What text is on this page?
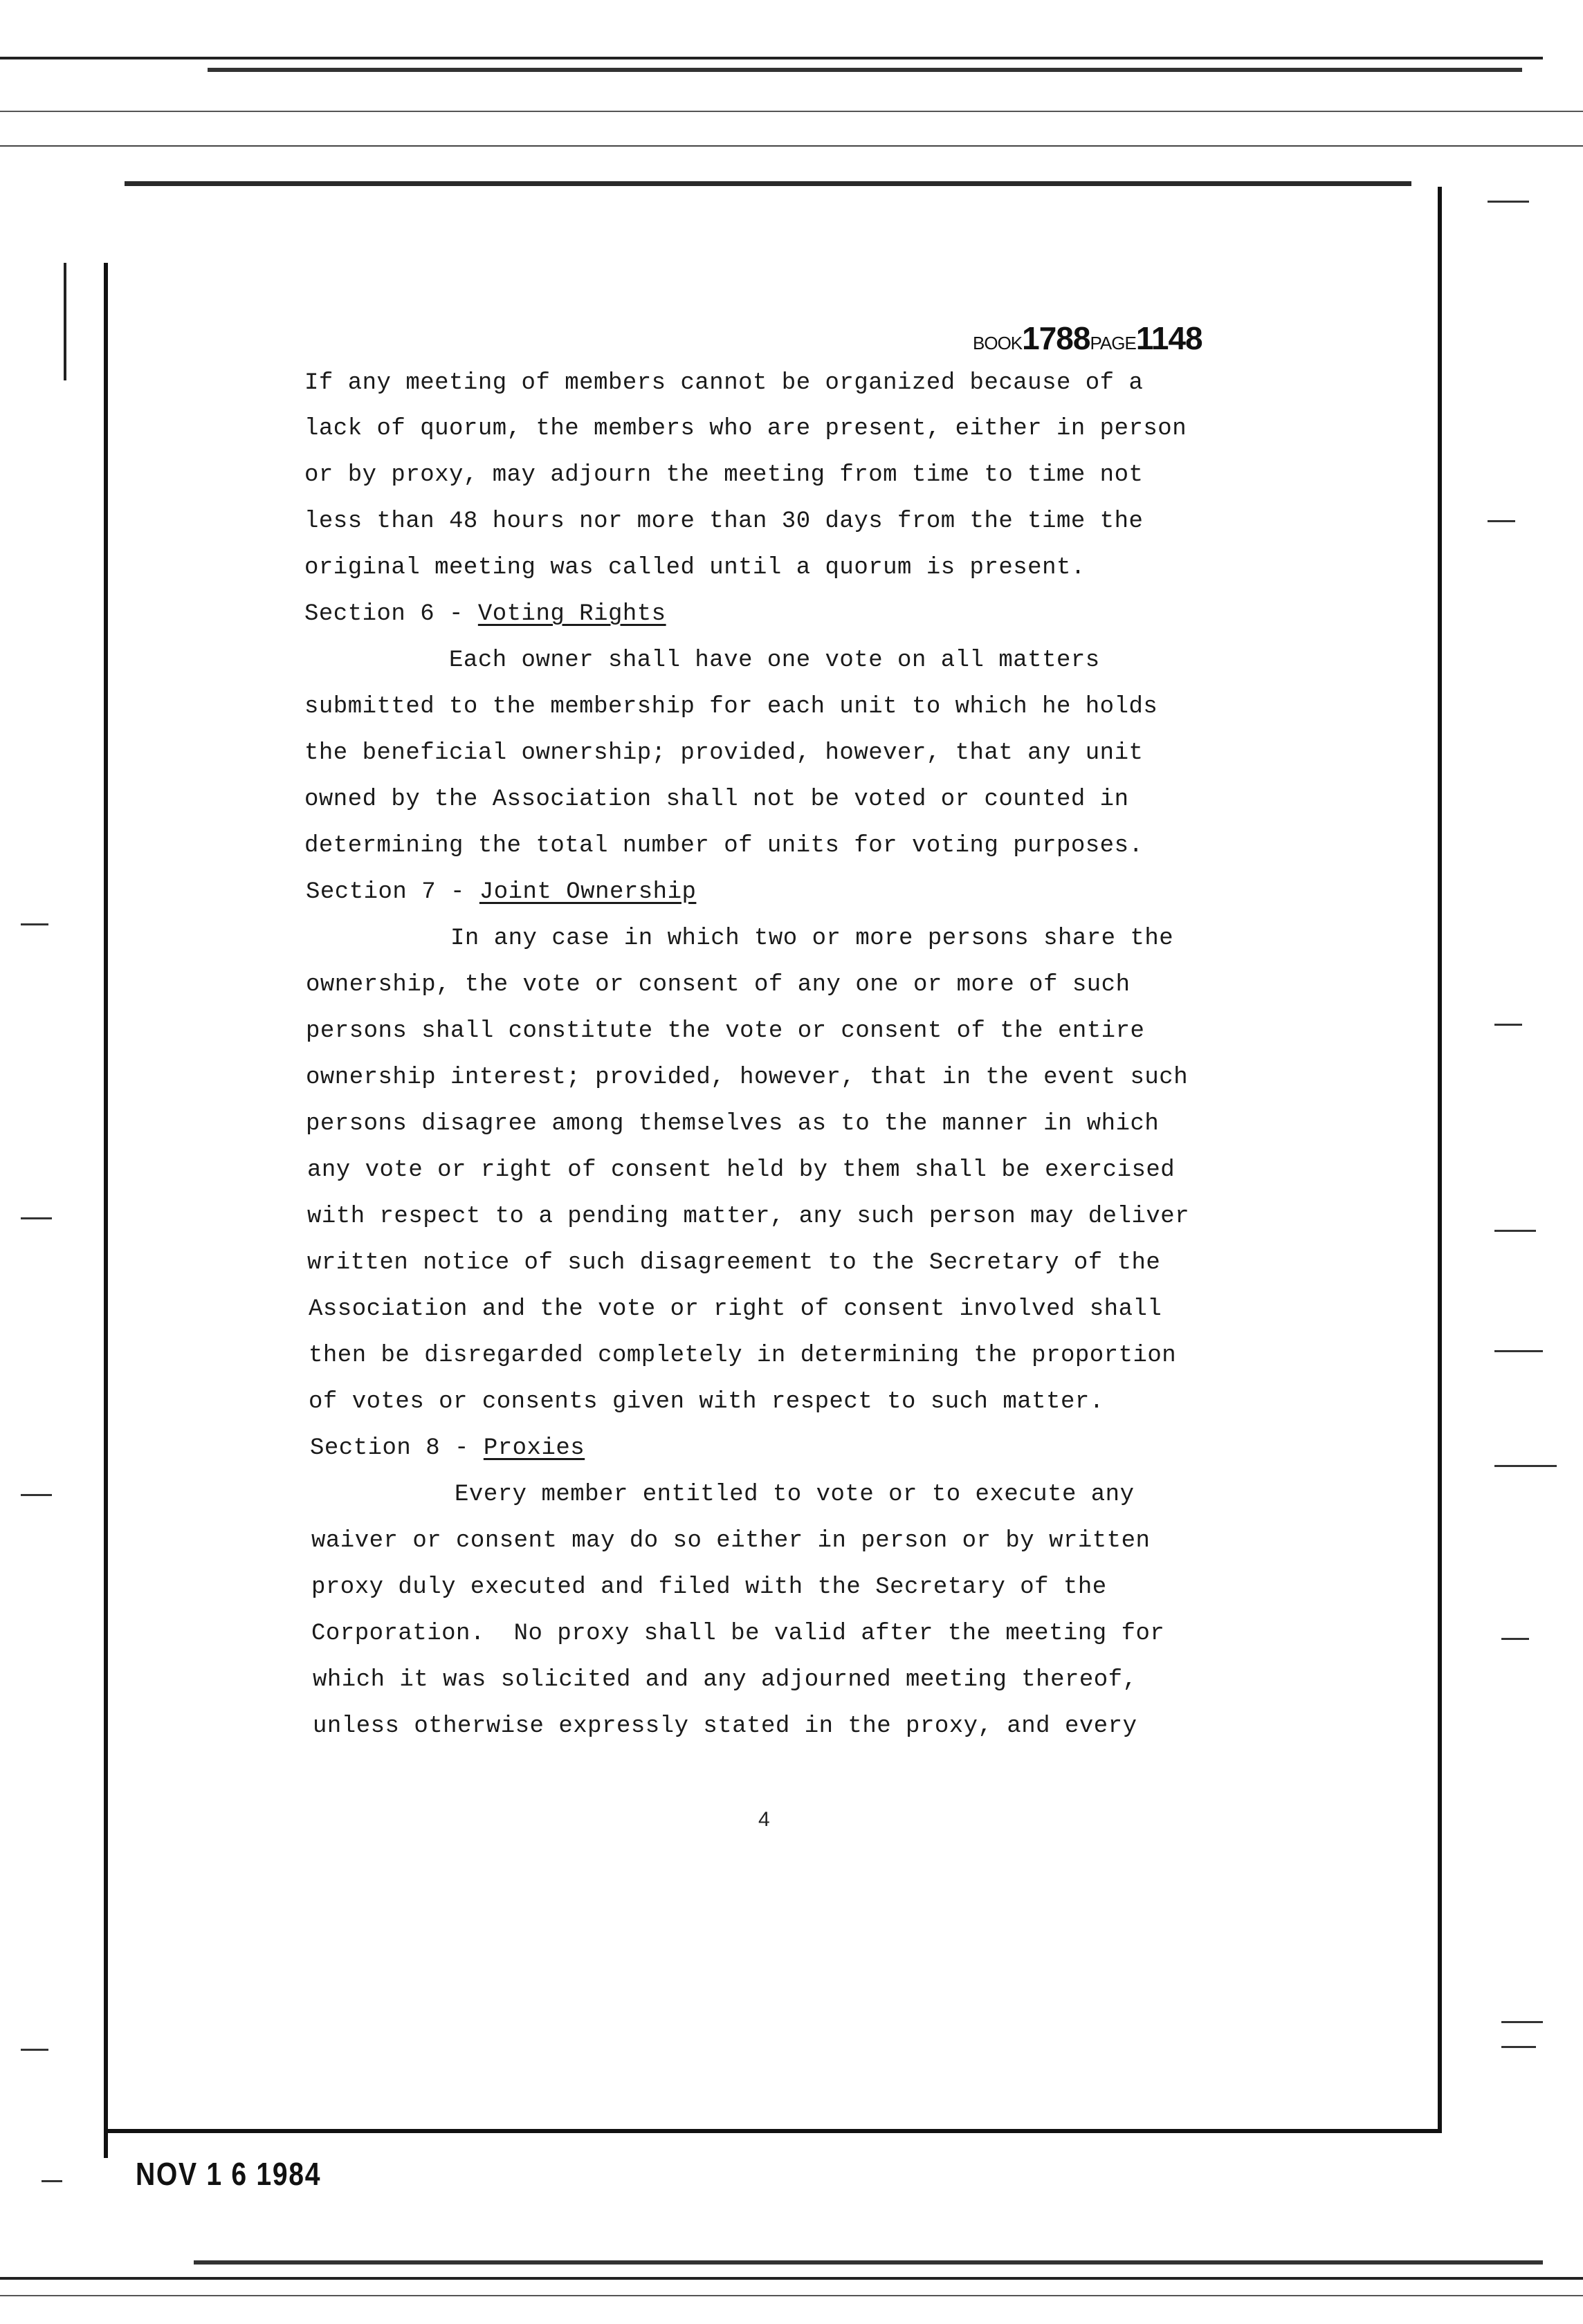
BOOK1788PAGE1148
If any meeting of members cannot be organized because of a
lack of quorum, the members who are present, either in person
or by proxy, may adjourn the meeting from time to time not
less than 48 hours nor more than 30 days from the time the
original meeting was called until a quorum is present.
Section 6 - Voting Rights
Each owner shall have one vote on all matters
submitted to the membership for each unit to which he holds
the beneficial ownership; provided, however, that any unit
owned by the Association shall not be voted or counted in
determining the total number of units for voting purposes.
Section 7 - Joint Ownership
In any case in which two or more persons share the
ownership, the vote or consent of any one or more of such
persons shall constitute the vote or consent of the entire
ownership interest; provided, however, that in the event such
persons disagree among themselves as to the manner in which
any vote or right of consent held by them shall be exercised
with respect to a pending matter, any such person may deliver
written notice of such disagreement to the Secretary of the
Association and the vote or right of consent involved shall
then be disregarded completely in determining the proportion
of votes or consents given with respect to such matter.
Section 8 - Proxies
Every member entitled to vote or to execute any
waiver or consent may do so either in person or by written
proxy duly executed and filed with the Secretary of the
Corporation.  No proxy shall be valid after the meeting for
which it was solicited and any adjourned meeting thereof,
unless otherwise expressly stated in the proxy, and every
4
NOV 1 6 1984
